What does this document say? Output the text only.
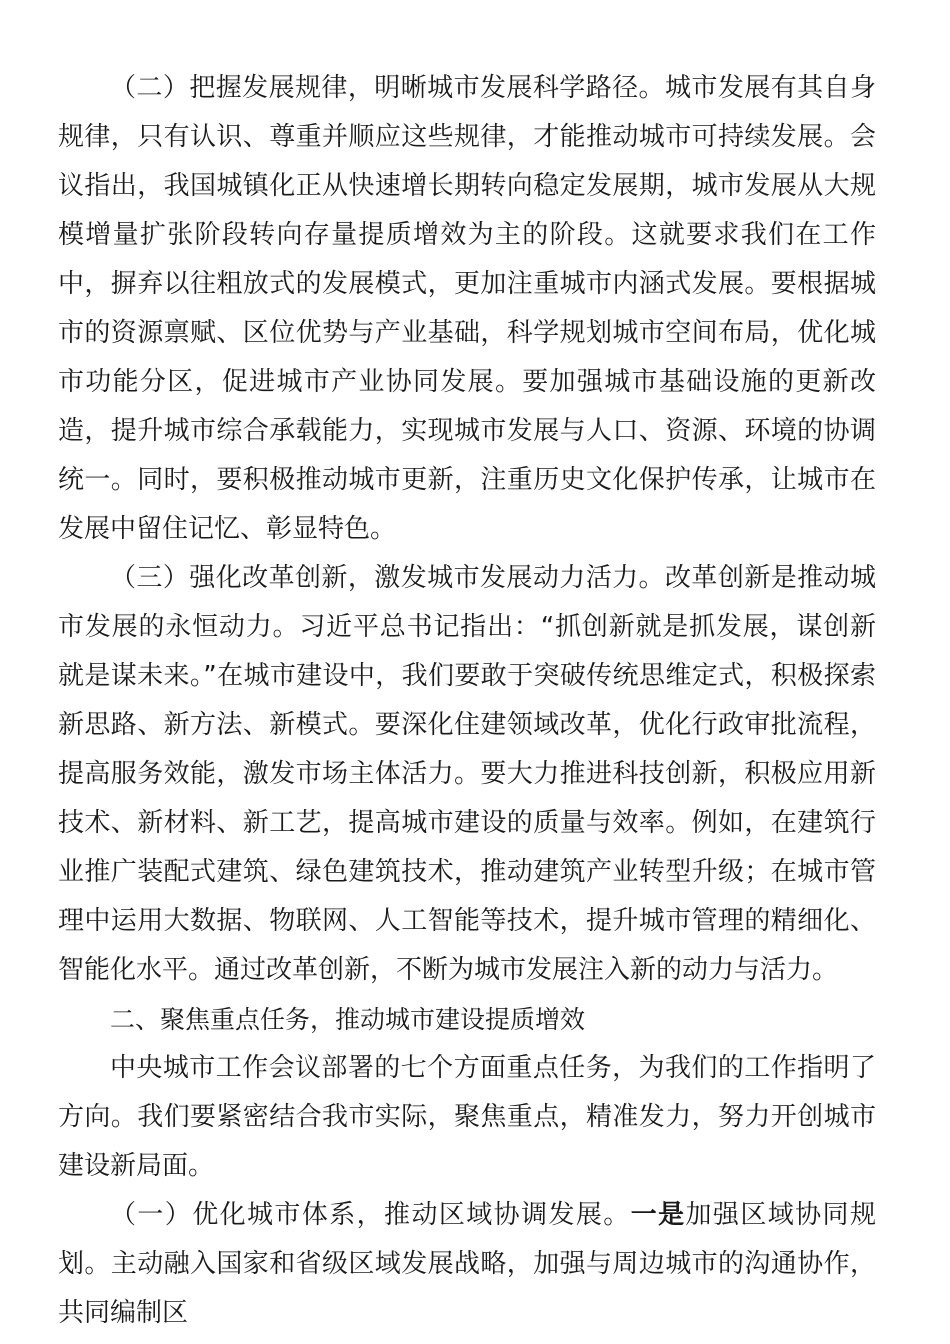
（二）把握发展规律，明晰城市发展科学路径。城市发展有其自身规律，只有认识、尊重并顺应这些规律，才能推动城市可持续发展。会议指出，我国城镇化正从快速增长期转向稳定发展期，城市发展从大规模增量扩张阶段转向存量提质增效为主的阶段。这就要求我们在工作中，摒弃以往粗放式的发展模式，更加注重城市内涵式发展。要根据城市的资源禀赋、区位优势与产业基础，科学规划城市空间布局，优化城市功能分区，促进城市产业协同发展。要加强城市基础设施的更新改造，提升城市综合承载能力，实现城市发展与人口、资源、环境的协调统一。同时，要积极推动城市更新，注重历史文化保护传承，让城市在发展中留住记忆、彰显特色。

（三）强化改革创新，激发城市发展动力活力。改革创新是推动城市发展的永恒动力。习近平总书记指出：“抓创新就是抓发展，谋创新就是谋未来。”在城市建设中，我们要敢于突破传统思维定式，积极探索新思路、新方法、新模式。要深化住建领域改革，优化行政审批流程，提高服务效能，激发市场主体活力。要大力推进科技创新，积极应用新技术、新材料、新工艺，提高城市建设的质量与效率。例如，在建筑行业推广装配式建筑、绿色建筑技术，推动建筑产业转型升级；在城市管理中运用大数据、物联网、人工智能等技术，提升城市管理的精细化、智能化水平。通过改革创新，不断为城市发展注入新的动力与活力。

二、聚焦重点任务，推动城市建设提质增效

中央城市工作会议部署的七个方面重点任务，为我们的工作指明了方向。我们要紧密结合我市实际，聚焦重点，精准发力，努力开创城市建设新局面。

（一）优化城市体系，推动区域协调发展。一是加强区域协同规划。主动融入国家和省级区域发展战略，加强与周边城市的沟通协作，共同编制区
